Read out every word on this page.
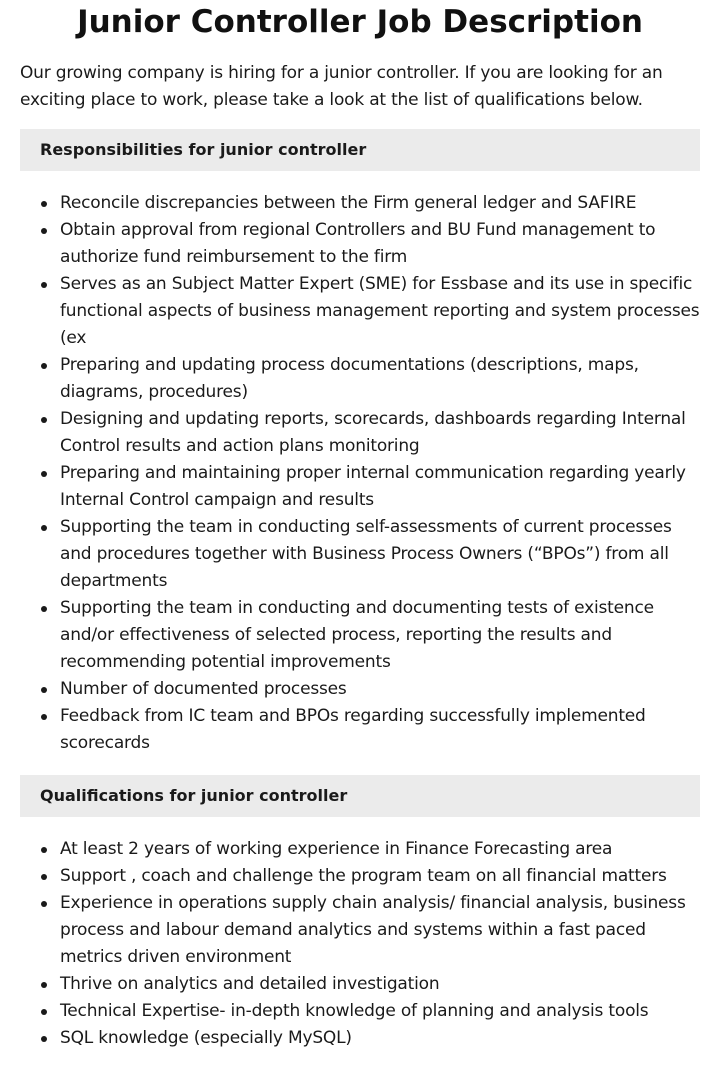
Junior Controller Job Description

Our growing company is hiring for a junior controller. If you are looking for an exciting place to work, please take a look at the list of qualifications below.

Responsibilities for junior controller
Reconcile discrepancies between the Firm general ledger and SAFIRE
Obtain approval from regional Controllers and BU Fund management to authorize fund reimbursement to the firm
Serves as an Subject Matter Expert (SME) for Essbase and its use in specific functional aspects of business management reporting and system processes (ex
Preparing and updating process documentations (descriptions, maps, diagrams, procedures)
Designing and updating reports, scorecards, dashboards regarding Internal Control results and action plans monitoring
Preparing and maintaining proper internal communication regarding yearly Internal Control campaign and results
Supporting the team in conducting self-assessments of current processes and procedures together with Business Process Owners (“BPOs”) from all departments
Supporting the team in conducting and documenting tests of existence and/or effectiveness of selected process, reporting the results and recommending potential improvements
Number of documented processes
Feedback from IC team and BPOs regarding successfully implemented scorecards
Qualifications for junior controller
At least 2 years of working experience in Finance Forecasting area
Support , coach and challenge the program team on all financial matters
Experience in operations supply chain analysis/ financial analysis, business process and labour demand analytics and systems within a fast paced metrics driven environment
Thrive on analytics and detailed investigation
Technical Expertise- in-depth knowledge of planning and analysis tools
SQL knowledge (especially MySQL)
